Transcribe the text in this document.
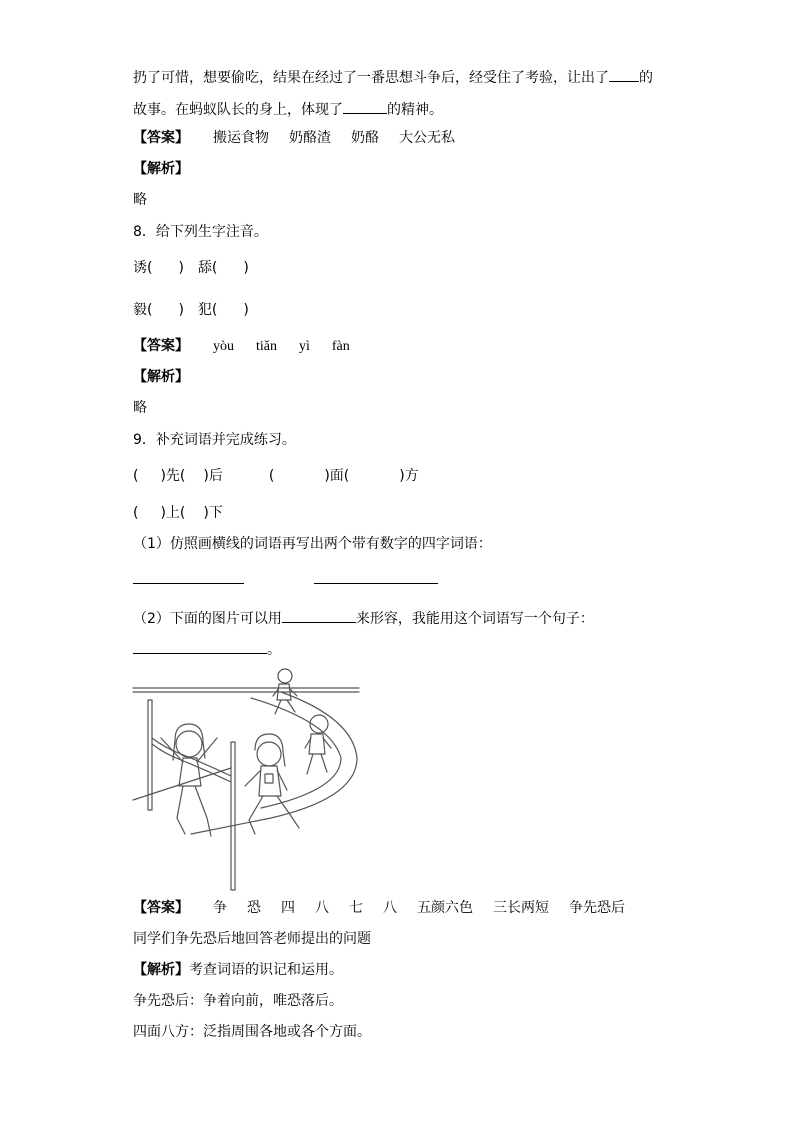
扔了可惜，想要偷吃，结果在经过了一番思想斗争后，经受住了考验，让出了 的
故事。在蚂蚁队长的身上，体现了	的精神。
【答案】 搬运食物 奶酪渣 奶酪 大公无私
【解析】
略
8．给下列生字注音。
诱( ) 舔( )
毅( ) 犯( )
【答案】 yòu tiǎn yì fàn
【解析】
略
9．补充词语并完成练习。
( )先( )后	(	)面(	)方
( )上( )下
（1）仿照画横线的词语再写出两个带有数字的四字词语：
（2）下面的图片可以用	来形容，我能用这个词语写一个句子：
。
【答案】 争 恐 四 八 七 八 五颜六色 三长两短 争先恐后
同学们争先恐后地回答老师提出的问题
【解析】考查词语的识记和运用。
争先恐后：争着向前，唯恐落后。
四面八方：泛指周围各地或各个方面。
